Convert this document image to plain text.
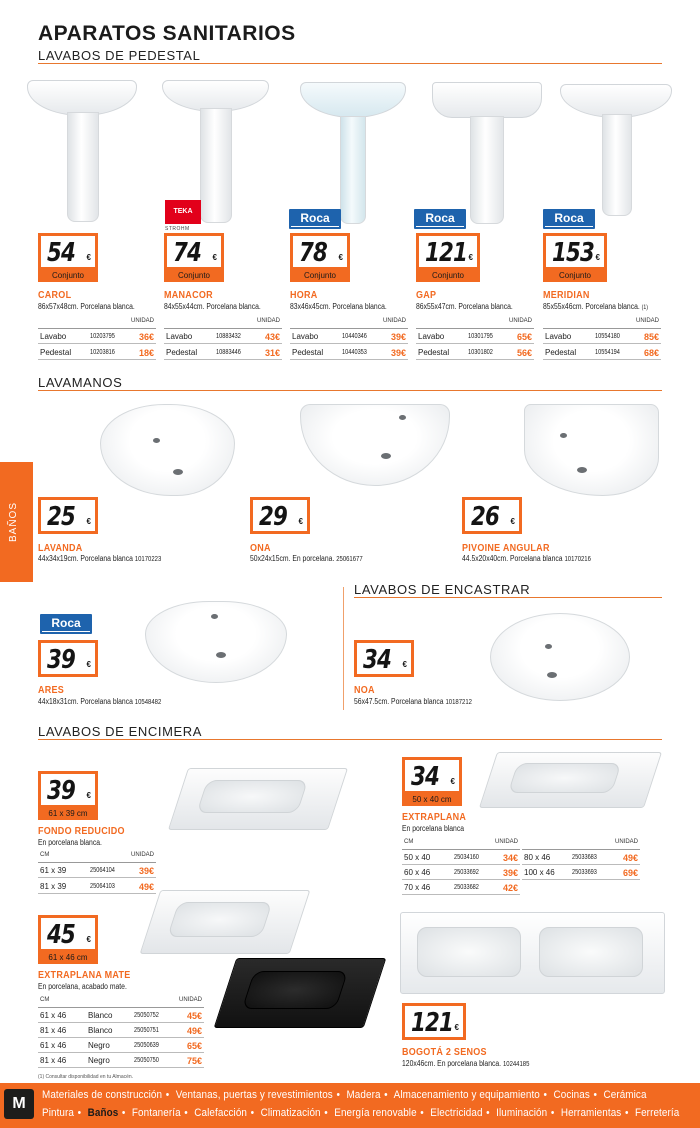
APARATOS SANITARIOS
LAVABOS DE PEDESTAL
BAÑOS
TEKA
STROHM
Roca	Roca	Roca
54 €
Conjunto
CAROL
86x57x48cm. Porcelana blanca.
74 €
Conjunto
MANACOR
84x55x44cm. Porcelana blanca.
78 €
Conjunto
HORA
83x46x45cm. Porcelana blanca.
121 €
Conjunto
GAP
86x55x47cm. Porcelana blanca.
153 €
Conjunto
MERIDIAN
85x55x46cm. Porcelana blanca. (1)
UNIDAD
Lavabo	10203795	36€
Pedestal	10203816	18€
UNIDAD
Lavabo	10883432	43€
Pedestal	10883446	31€
UNIDAD
Lavabo	10440346	39€
Pedestal	10440353	39€
UNIDAD
Lavabo	10301795	65€
Pedestal	10301802	56€
UNIDAD
Lavabo	10554180	85€
Pedestal	10554194	68€
LAVAMANOS
25 €
LAVANDA
44x34x19cm. Porcelana blanca 10170223
29 €
ONA
50x24x15cm. En porcelana. 25061677
26 €
PIVOINE ANGULAR
44.5x20x40cm. Porcelana blanca 10170216
Roca
39 €
ARES
44x18x31cm. Porcelana blanca 10548482
LAVABOS DE ENCASTRAR
34 €
NOA
56x47.5cm. Porcelana blanca 10187212
LAVABOS DE ENCIMERA
39 €
61 x 39 cm
FONDO REDUCIDO
En porcelana blanca.
CM	UNIDAD
61 x 39	25064104	39€
81 x 39	25064103	49€
34 €
50 x 40 cm
EXTRAPLANA
En porcelana blanca
CM	UNIDAD
50 x 40	25034160	34€
60 x 46	25033692	39€
70 x 46	25033682	42€
UNIDAD
80 x 46	25033683	49€
100 x 46 25033693	69€
45 €
61 x 46 cm
EXTRAPLANA MATE
En porcelana, acabado mate.
CM	UNIDAD
61 x 46	Blanco	25050752	45€
81 x 46	Blanco	25050751	49€
61 x 46	Negro	25050639	65€
81 x 46	Negro	25050750	75€
121 €
BOGOTÁ 2 SENOS
120x46cm. En porcelana blanca. 10244185
(1) Consultar disponibilidad en tu Almacén.
M	Materiales de construcción • Ventanas, puertas y revestimientos • Madera • Almacenamiento y equipamiento • Cocinas • Cerámica
Pintura • Baños • Fontanería • Calefacción • Climatización • Energía renovable • Electricidad • Iluminación • Herramientas • Ferretería
